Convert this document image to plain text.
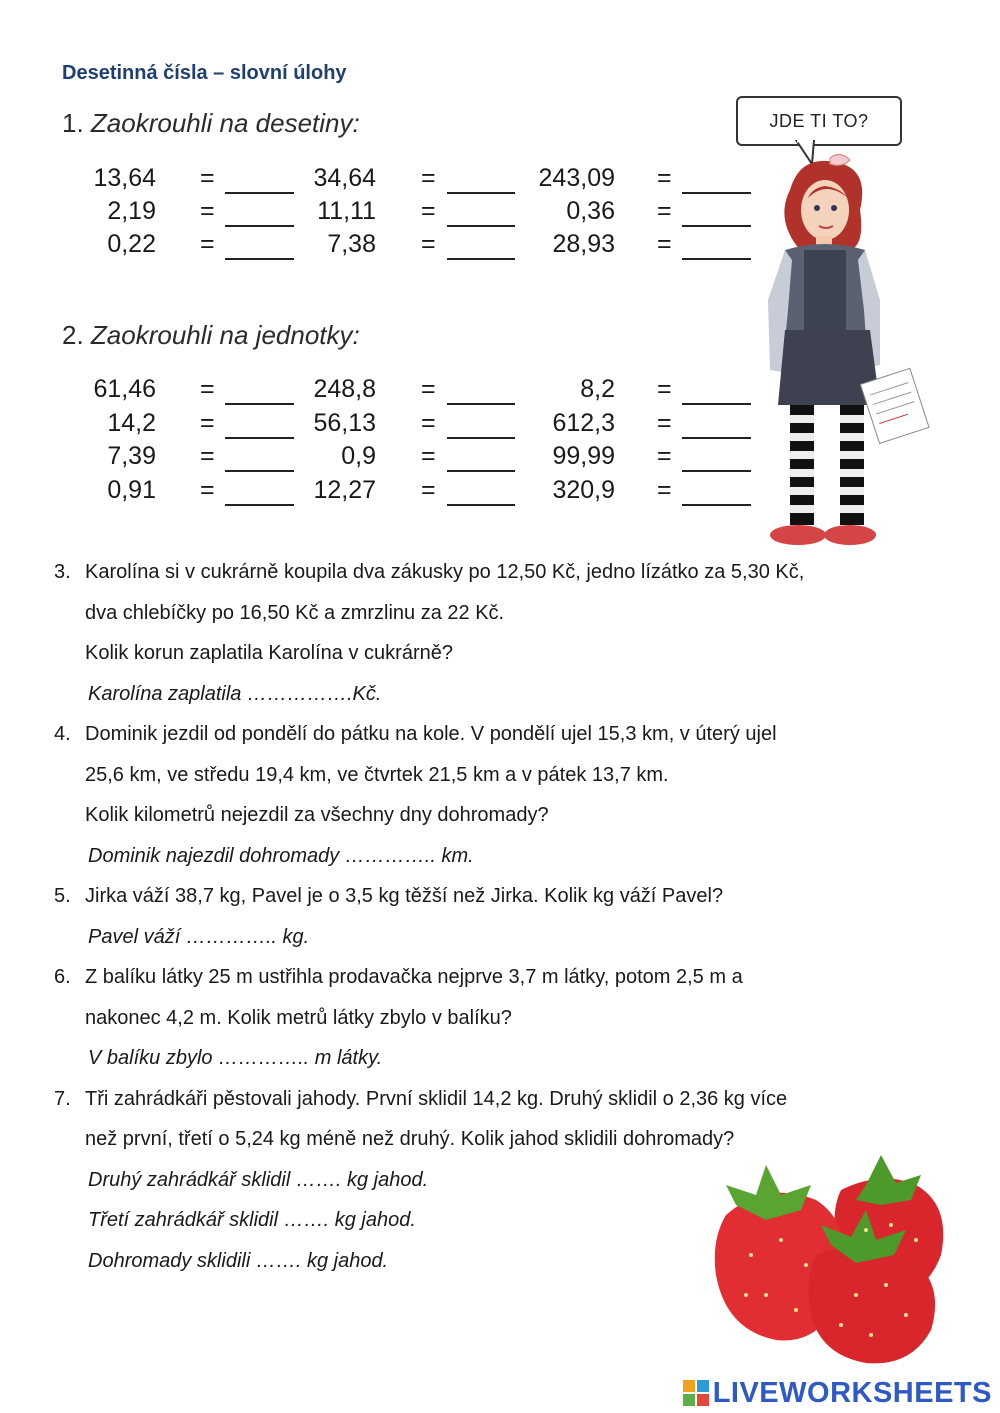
Desetinná čísla – slovní úlohy
1. Zaokrouhli na desetiny:
13,64 =	34,64 =	243,09 =
2,19 =	11,11 =	0,36 =
0,22 =	7,38 =	28,93 =
2. Zaokrouhli na jednotky:
61,46 =	248,8 =	8,2 =
14,2 =	56,13 =	612,3 =
7,39 =	0,9 =	99,99 =
0,91 =	12,27 =	320,9 =
JDE TI TO?
3. Karolína si v cukrárně koupila dva zákusky po 12,50 Kč, jedno lízátko za 5,30 Kč,
dva chlebíčky po 16,50 Kč a zmrzlinu za 22 Kč.
Kolik korun zaplatila Karolína v cukrárně?
Karolína zaplatila …………….Kč.
4. Dominik jezdil od pondělí do pátku na kole. V pondělí ujel 15,3 km, v úterý ujel
25,6 km, ve středu 19,4 km, ve čtvrtek 21,5 km a v pátek 13,7 km.
Kolik kilometrů nejezdil za všechny dny dohromady?
Dominik najezdil dohromady ………….. km.
5. Jirka váží 38,7 kg, Pavel je o 3,5 kg těžší než Jirka. Kolik kg váží Pavel?
Pavel váží ………….. kg.
6. Z balíku látky 25 m ustřihla prodavačka nejprve 3,7 m látky, potom 2,5 m a
nakonec 4,2 m. Kolik metrů látky zbylo v balíku?
V balíku zbylo ………….. m látky.
7. Tři zahrádkáři pěstovali jahody. První sklidil 14,2 kg. Druhý sklidil o 2,36 kg více
než první, třetí o 5,24 kg méně než druhý. Kolik jahod sklidili dohromady?
Druhý zahrádkář sklidil ……. kg jahod.
Třetí zahrádkář sklidil ……. kg jahod.
Dohromady sklidili ……. kg jahod.
LIVEWORKSHEETS
